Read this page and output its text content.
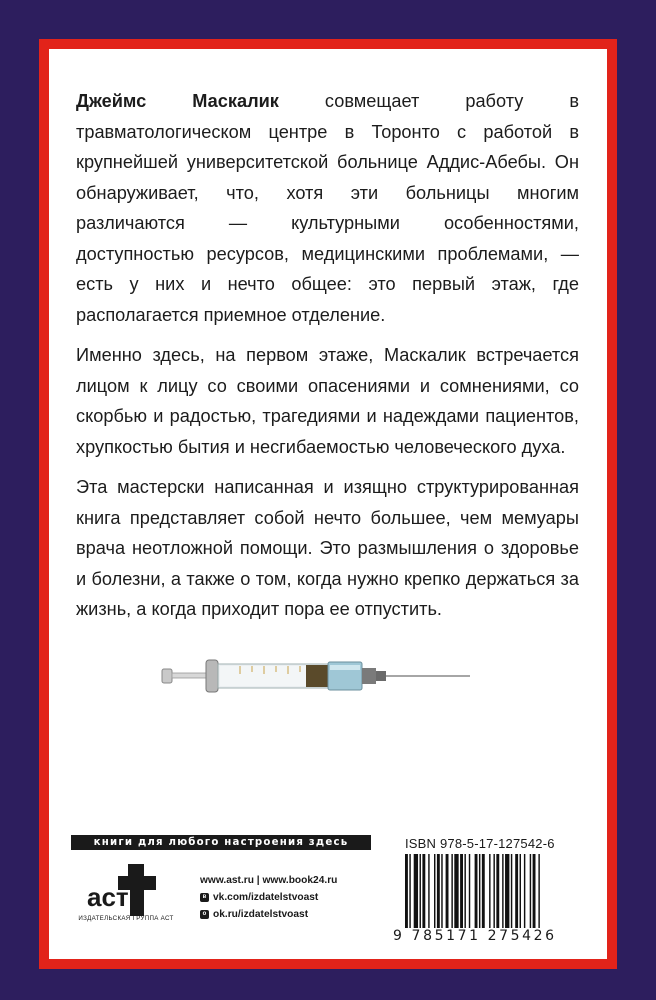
Джеймс Маскалик совмещает работу в травматологическом центре в Торонто с работой в крупнейшей университетской больнице Аддис-Абебы. Он обнаруживает, что, хотя эти больницы многим различаются — культурными особенностями, доступностью ресурсов, медицинскими проблемами, — есть у них и нечто общее: это первый этаж, где располагается приемное отделение.

Именно здесь, на первом этаже, Маскалик встречается лицом к лицу со своими опасениями и сомнениями, со скорбью и радостью, трагедиями и надеждами пациентов, хрупкостью бытия и несгибаемостью человеческого духа.

Эта мастерски написанная и изящно структурированная книга представляет собой нечто большее, чем мемуары врача неотложной помощи. Это размышления о здоровье и болезни, а также о том, когда нужно крепко держаться за жизнь, а когда приходит пора ее отпустить.

книги для любого настроения здесь
аст
ИЗДАТЕЛЬСКАЯ ГРУППА АСТ
www.ast.ru | www.book24.ru
в vk.com/izdatelstvoast
о ok.ru/izdatelstvoast
ISBN 978-5-17-127542-6
9 785171 275426
